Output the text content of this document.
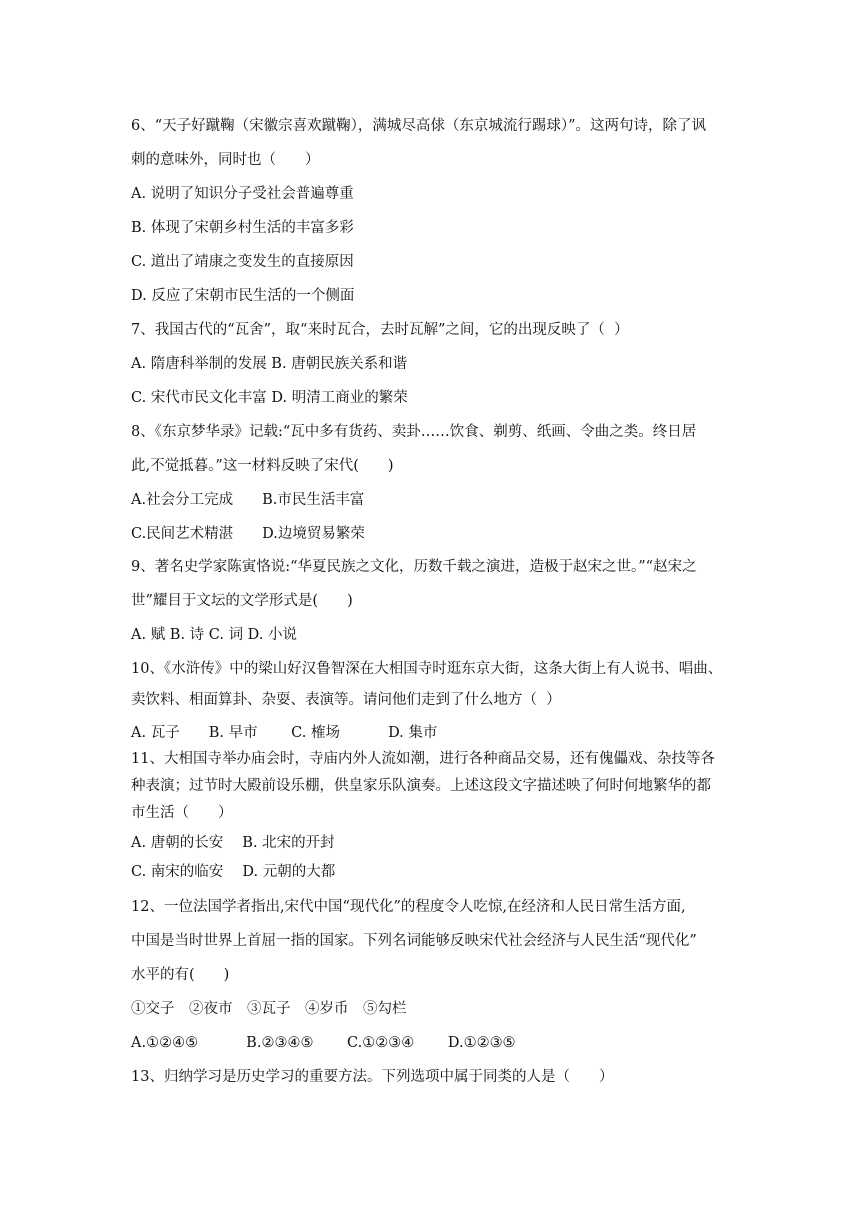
6、“天子好蹴鞠（宋徽宗喜欢蹴鞠），满城尽高俅（东京城流行踢球）”。这两句诗，除了讽
刺的意味外，同时也（　　）
A. 说明了知识分子受社会普遍尊重
B. 体现了宋朝乡村生活的丰富多彩
C. 道出了靖康之变发生的直接原因
D. 反应了宋朝市民生活的一个侧面
7、我国古代的“瓦舍”，取“来时瓦合，去时瓦解”之间，它的出现反映了（  ）
A. 隋唐科举制的发展 B. 唐朝民族关系和谐
C. 宋代市民文化丰富 D. 明清工商业的繁荣
8、《东京梦华录》记载:“瓦中多有货药、卖卦……饮食、剃剪、纸画、令曲之类。终日居
此,不觉抵暮。”这一材料反映了宋代(　　)
A.社会分工完成　　B.市民生活丰富
C.民间艺术精湛　　D.边境贸易繁荣
9、著名史学家陈寅恪说:“华夏民族之文化，历数千载之演进，造极于赵宋之世。”“赵宋之
世”耀目于文坛的文学形式是(　　)
A. 赋 B. 诗 C. 词 D. 小说
10、《水浒传》中的梁山好汉鲁智深在大相国寺时逛东京大街，这条大街上有人说书、唱曲、
卖饮料、相面算卦、杂耍、表演等。请问他们走到了什么地方（  ）
A. 瓦子　　B. 早市　　 C. 榷场　　　 D. 集市
11、大相国寺举办庙会时，寺庙内外人流如潮，进行各种商品交易，还有傀儡戏、杂技等各
种表演；过节时大殿前设乐棚，供皇家乐队演奏。上述这段文字描述映了何时何地繁华的都
市生活（　　）
A. 唐朝的长安　 B. 北宋的开封
C. 南宋的临安　 D. 元朝的大都
12、一位法国学者指出,宋代中国“现代化”的程度令人吃惊,在经济和人民日常生活方面,
中国是当时世界上首屈一指的国家。下列名词能够反映宋代社会经济与人民生活“现代化”
水平的有(　　)
①交子　②夜市　③瓦子　④岁币　⑤勾栏
A.①②④⑤　　　 B.②③④⑤　　 C.①②③④　　 D.①②③⑤
13、归纳学习是历史学习的重要方法。下列选项中属于同类的人是（　　）
